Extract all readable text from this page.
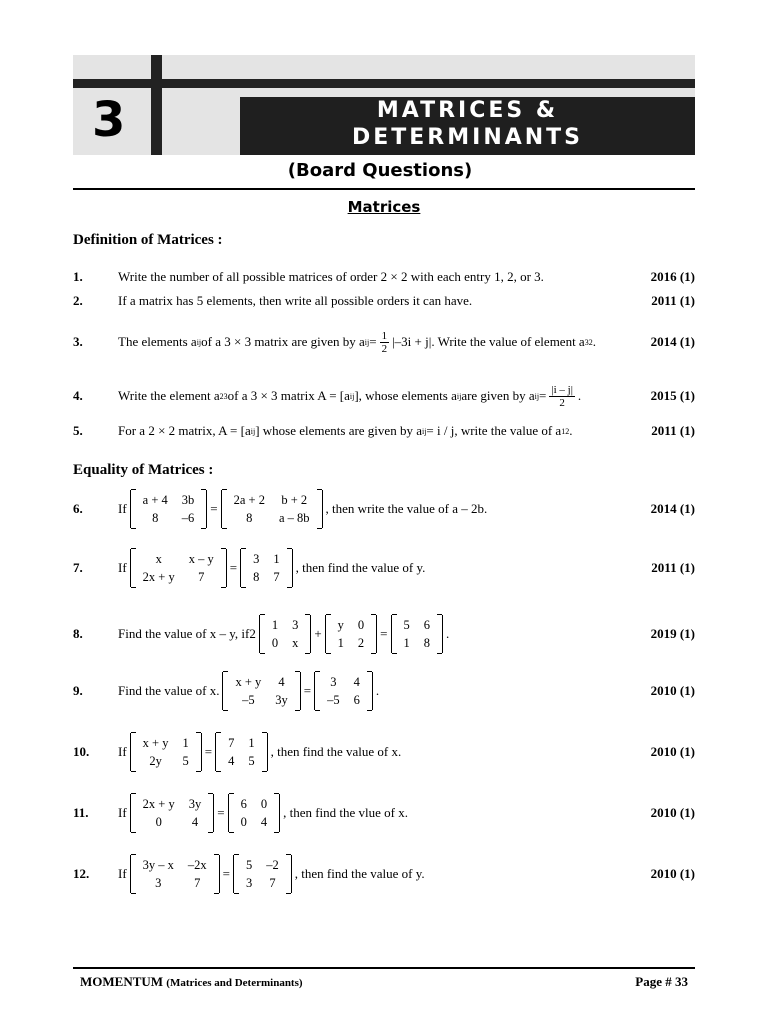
3	MATRICES &
DETERMINANTS
(Board Questions)
Matrices
Definition of Matrices :
1.	Write the number of all possible matrices of order 2 × 2 with each entry 1, 2, or 3.	2016 (1)
2.	If a matrix has 5 elements, then write all possible orders it can have.	2011 (1)
3.	The elements a ij of a 3 × 3 matrix are given by a ij = $\frac{1}{2} |-3i + j|$. Write the value of element a 32 .	2014 (1)
4.	Write the element a 23 of a 3 × 3 matrix A = [a ij ], whose elements a ij are given by a ij = $\frac{|i - j|}{2}$ .	2015 (1)
5.	For a 2 × 2 matrix, A = [a ij ] whose elements are given by a ij = i / j, write the value of a 12 .	2011 (1)
Equality of Matrices :
6.	If
a + 4	3b
8	–6
=
2a + 2	b + 2
8	a – 8b
, then write the value of a – 2b.	2014 (1)
7.	If
x	x – y
2x + y	7
=
3	1
8	7
, then find the value of y.	2011 (1)
8.	Find the value of x – y, if 2
1	3
0	x
+
y	0
1	2
=
5	6
1	8
.	2019 (1)
9.	Find the value of x.
x + y	4
–5	3y
=
3	4
–5	6
.	2010 (1)
10.	If
x + y	1
2y	5
=
7	1
4	5
, then find the value of x.	2010 (1)
11.	If
2x + y	3y
0	4
=
6	0
0	4
, then find the vlue of x.	2010 (1)
12.	If
3y – x	–2x
3	7
=
5	–2
3	7
, then find the value of y.	2010 (1)
MOMENTUM (Matrices and Determinants)	Page # 33
